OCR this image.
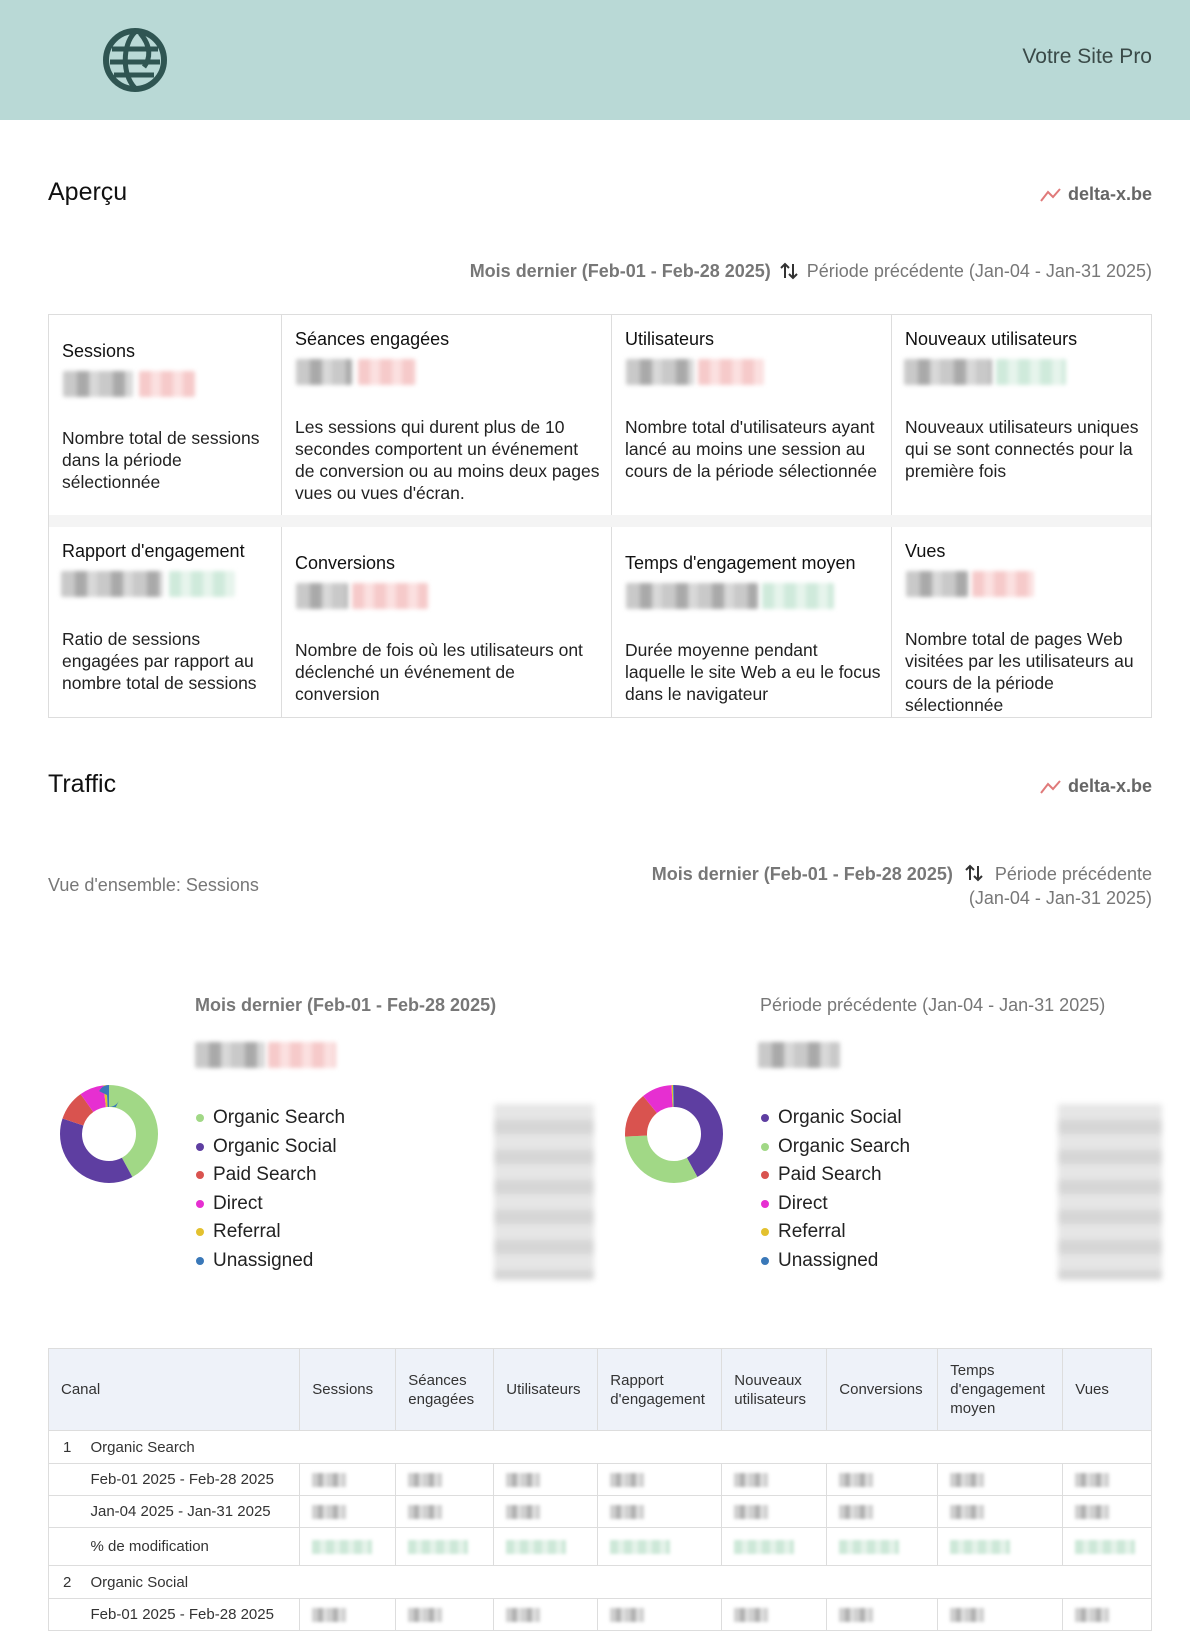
Votre Site Pro
Aperçu	delta-x.be
Mois dernier (Feb-01 - Feb-28 2025) Période précédente (Jan-04 - Jan-31 2025)
Sessions
Nombre total de sessions dans la période sélectionnée
Séances engagées
Les sessions qui durent plus de 10 secondes comportent un événement de conversion ou au moins deux pages vues ou vues d'écran.
Utilisateurs
Nombre total d'utilisateurs ayant lancé au moins une session au cours de la période sélectionnée
Nouveaux utilisateurs
Nouveaux utilisateurs uniques qui se sont connectés pour la première fois
Rapport d'engagement
Ratio de sessions engagées par rapport au nombre total de sessions
Conversions
Nombre de fois où les utilisateurs ont déclenché un événement de conversion
Temps d'engagement moyen
Durée moyenne pendant laquelle le site Web a eu le focus dans le navigateur
Vues
Nombre total de pages Web visitées par les utilisateurs au cours de la période sélectionnée
Traffic	delta-x.be
Vue d'ensemble: Sessions
Mois dernier (Feb-01 - Feb-28 2025) Période précédente
(Jan-04 - Jan-31 2025)
Mois dernier (Feb-01 - Feb-28 2025)
Organic Search
Organic Social
Paid Search
Direct
Referral
Unassigned
Période précédente (Jan-04 - Jan-31 2025)
Organic Social
Organic Search
Paid Search
Direct
Referral
Unassigned
Canal		Sessions	Séances engagées	Utilisateurs	Rapport d'engagement	Nouveaux utilisateurs	Conversions	Temps d'engagement moyen	Vues
1	Organic Search								
	Feb-01 2025 - Feb-28 2025								
	Jan-04 2025 - Jan-31 2025								
	% de modification								
2	Organic Social								
	Feb-01 2025 - Feb-28 2025								
